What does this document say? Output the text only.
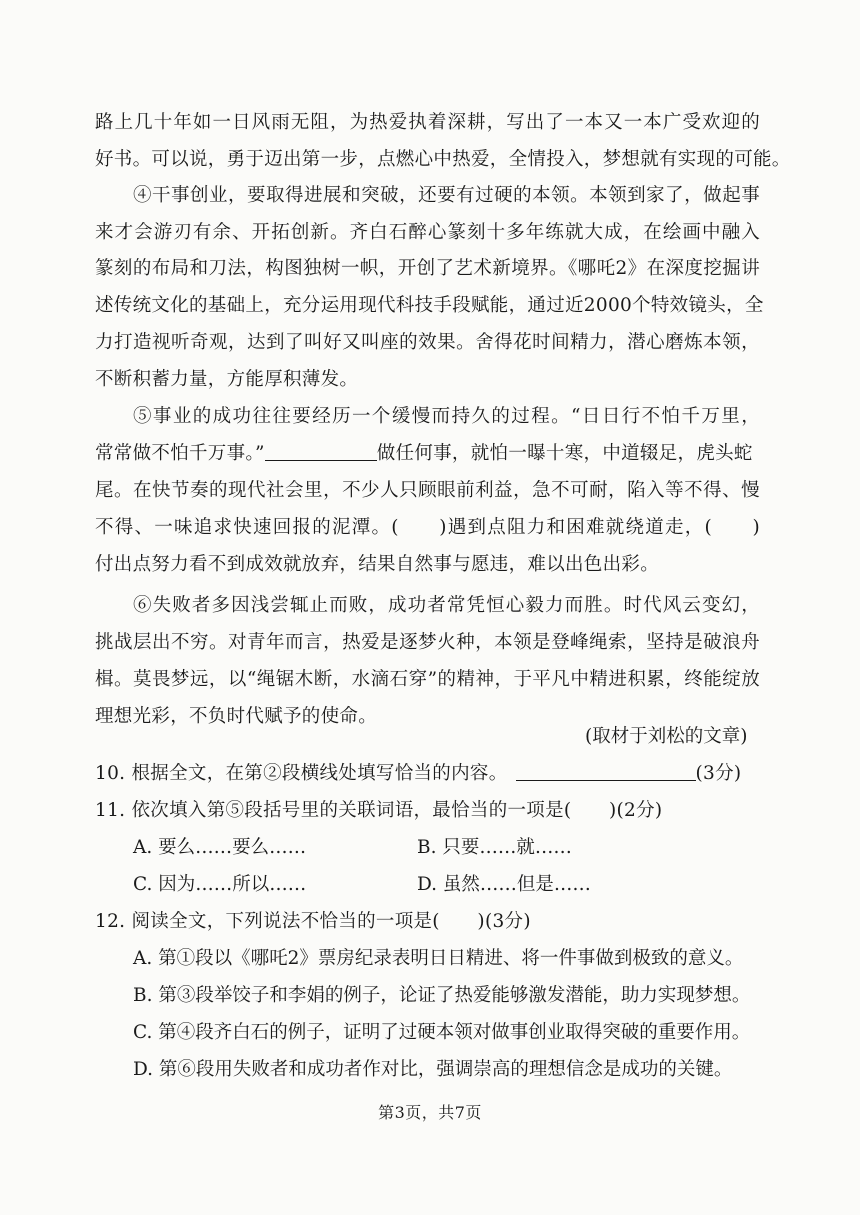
路上几十年如一日风雨无阻，为热爱执着深耕，写出了一本又一本广受欢迎的
好书。可以说，勇于迈出第一步，点燃心中热爱，全情投入，梦想就有实现的可能。
④干事创业，要取得进展和突破，还要有过硬的本领。本领到家了，做起事
来才会游刃有余、开拓创新。齐白石醉心篆刻十多年练就大成，在绘画中融入
篆刻的布局和刀法，构图独树一帜，开创了艺术新境界。《哪吒2》在深度挖掘讲
述传统文化的基础上，充分运用现代科技手段赋能，通过近2000个特效镜头，全
力打造视听奇观，达到了叫好又叫座的效果。舍得花时间精力，潜心磨炼本领，
不断积蓄力量，方能厚积薄发。
⑤事业的成功往往要经历一个缓慢而持久的过程。“日日行不怕千万里，
常常做不怕千万事。”	做任何事，就怕一曝十寒，中道辍足，虎头蛇
尾。在快节奏的现代社会里，不少人只顾眼前利益，急不可耐，陷入等不得、慢
不得、一味追求快速回报的泥潭。(　　)遇到点阻力和困难就绕道走，(　　)
付出点努力看不到成效就放弃，结果自然事与愿违，难以出色出彩。
⑥失败者多因浅尝辄止而败，成功者常凭恒心毅力而胜。时代风云变幻，
挑战层出不穷。对青年而言，热爱是逐梦火种，本领是登峰绳索，坚持是破浪舟
楫。莫畏梦远，以“绳锯木断，水滴石穿”的精神，于平凡中精进积累，终能绽放
理想光彩，不负时代赋予的使命。
(取材于刘松的文章)
10. 根据全文，在第②段横线处填写恰当的内容。	(3分)
11. 依次填入第⑤段括号里的关联词语，最恰当的一项是(　　)(2分)
A. 要么……要么……	B. 只要……就……
C. 因为……所以……	D. 虽然……但是……
12. 阅读全文，下列说法不恰当的一项是(　　)(3分)
A. 第①段以《哪吒2》票房纪录表明日日精进、将一件事做到极致的意义。
B. 第③段举饺子和李娟的例子，论证了热爱能够激发潜能，助力实现梦想。
C. 第④段齐白石的例子，证明了过硬本领对做事创业取得突破的重要作用。
D. 第⑥段用失败者和成功者作对比，强调崇高的理想信念是成功的关键。
第3页，共7页
